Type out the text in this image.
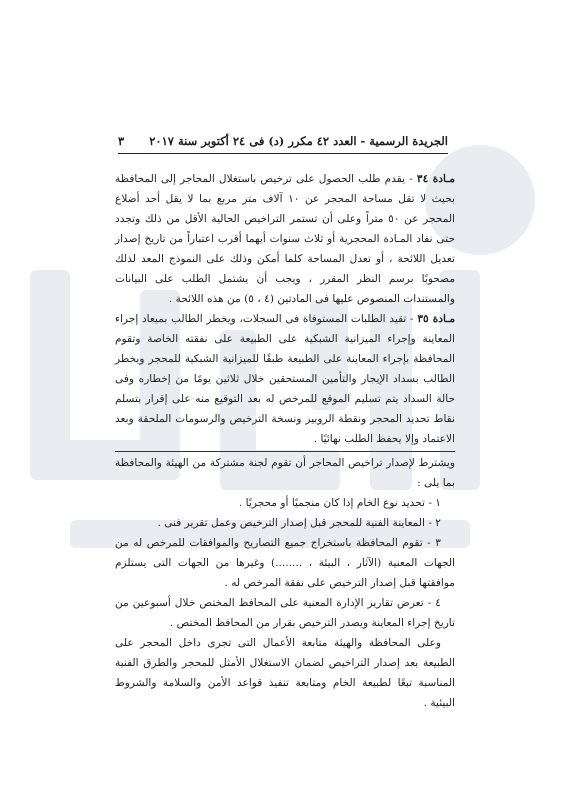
٣ الجريدة الرسمية - العدد ٤٢ مكرر (د) فى ٢٤ أكتوبر سنة ٢٠١٧

مـادة ٣٤ - يقدم طلب الحصول على ترخيص باستغلال المحاجر إلى المحافظة بحيث لا تقل مساحة المحجر عن ١٠ آلاف متر مربع بما لا يقل أحد أضلاع المحجر عن ٥٠ متراً وعلى أن تستمر التراخيص الحالية الأقل من ذلك وتجدد حتى نفاد المـادة المحجرية أو ثلاث سنوات أيهما أقرب اعتباراً من تاريخ إصدار تعديل اللائحة ، أو تعدل المساحة كلما أمكن وذلك على النموذج المعد لذلك مصحوبًا برسم النظر المقرر ، ويجب أن يشتمل الطلب على البيانات والمستندات المنصوص عليها فى المادتين (٤ ، ٥) من هذه اللائحة .

مـادة ٣٥ - تقيد الطلبات المستوفاة فى السجلات، ويخطر الطالب بميعاد إجراء المعاينة وإجراء الميزانية الشبكية على الطبيعة على نفقته الخاصة وتقوم المحافظة بإجراء المعاينة على الطبيعة طبقًا للميزانية الشبكية للمحجر ويخطر الطالب بسداد الإيجار والتأمين المستحقين خلال ثلاثين يومًا من إخطاره وفى حالة السداد يتم تسليم الموقع للمرخص له بعد التوقيع منه على إقرار بتسلم نقاط تحديد المحجر ونقطة الروبير ونسخة الترخيص والرسومات الملحقة وبعد الاعتماد وإلا يحفظ الطلب نهائيًا .

ويشترط لإصدار تراخيص المحاجر أن تقوم لجنة مشتركة من الهيئة والمحافظة بما يلى :

١ - تحديد نوع الخام إذا كان منجميًا أو محجريًا .

٢ - المعاينة الفنية للمحجر قبل إصدار الترخيص وعمل تقرير فنى .

٣ - تقوم المحافظة باستخراج جميع التصاريح والموافقات للمرخص له من الجهات المعنية (الآثار ، البيئة ، ........) وغيرها من الجهات التى يستلزم موافقتها قبل إصدار الترخيص على نفقة المرخص له .

٤ - تعرض تقارير الإدارة المعنية على المحافظ المختص خلال أسبوعين من تاريخ إجراء المعاينة ويصدر الترخيص بقرار من المحافظ المختص .

وعلى المحافظة والهيئة متابعة الأعمال التى تجرى داخل المحجر على الطبيعة بعد إصدار التراخيص لضمان الاستغلال الأمثل للمحجر والطرق الفنية المناسبة تبعًا لطبيعة الخام ومتابعة تنفيذ قواعد الأمن والسلامة والشروط البيئية .
